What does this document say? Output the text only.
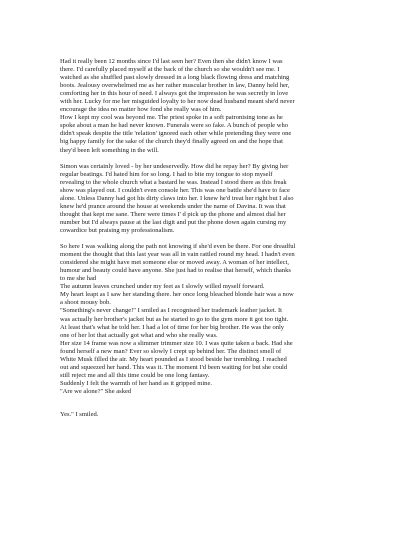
Had it really been 12 months since I'd last seen her? Even then she didn't know I was
there. I'd carefully placed myself at the back of the church so she wouldn't see me. I
watched as she shuffled past slowly dressed in a long black flowing dress and matching
boots. Jealousy overwhelmed me as her rather muscular brother in law, Danny held her,
comforting her in this hour of need. I always got the impression he was secretly in love
with her. Lucky for me her misguided loyalty to her now dead husband meant she'd never
encourage the idea no matter how fond she really was of him.
How I kept my cool was beyond me. The priest spoke in a soft patronising tone as he
spoke about a man he had never known. Funerals were so fake. A bunch of people who
didn't speak despite the title 'relation' ignored each other while pretending they were one
big happy family for the sake of the church they'd finally agreed on and the hope that
they'd been left something in the will.

Simon was certainly loved - by her undeservedly. How did he repay her? By giving her
regular beatings. I'd hated him for so long. I had to bite my tongue to stop myself
revealing to the whole church what a bastard he was. Instead I stood there as this freak
show was played out. I couldn't even console her. This was one battle she'd have to face
alone. Unless Danny had got his dirty claws into her. I knew he'd treat her right but I also
knew he'd prance around the house at weekends under the name of Davina. It was that
thought that kept me sane. There were times I' d pick up the phone and almost dial her
number but I'd always pause at the last digit and put the phone down again cursing my
cowardice but praising my professionalism.

So here I was walking along the path not knowing if she'd even be there. For one dreadful
moment the thought that this last year was all in vain rattled round my head. I hadn't even
considered she might have met someone else or moved away. A woman of her intellect,
humour and beauty could have anyone. She just had to realise that herself, which thanks
to me she had
The autumn leaves crunched under my feet as I slowly willed myself forward.
My heart leapt as I saw her standing there. her once long bleached blonde hair was a now
a shoot mousy bob.
"Something's never change!" I smiled as I recognised her trademark leather jacket. It
was actually her brother's jacket but as he started to go to the gym more it got too tight.
At least that's what he told her. I had a lot of time for her big brother. He was the only
one of her lot that actually got what and who she really was.
Her size 14 frame was now a slimmer trimmer size 10. I was quite taken a back. Had she
found herself a new man? Ever so slowly I crept up behind her. The distinct smell of
White Musk filled the air. My heart pounded as I stood beside her trembling. I reached
out and squeezed her hand. This was it. The moment I'd been waiting for but she could
still reject me and all this time could be one long fantasy.
Suddenly I felt the warmth of her hand as it gripped mine.
"Are we alone?" She asked

Yes." I smiled.
